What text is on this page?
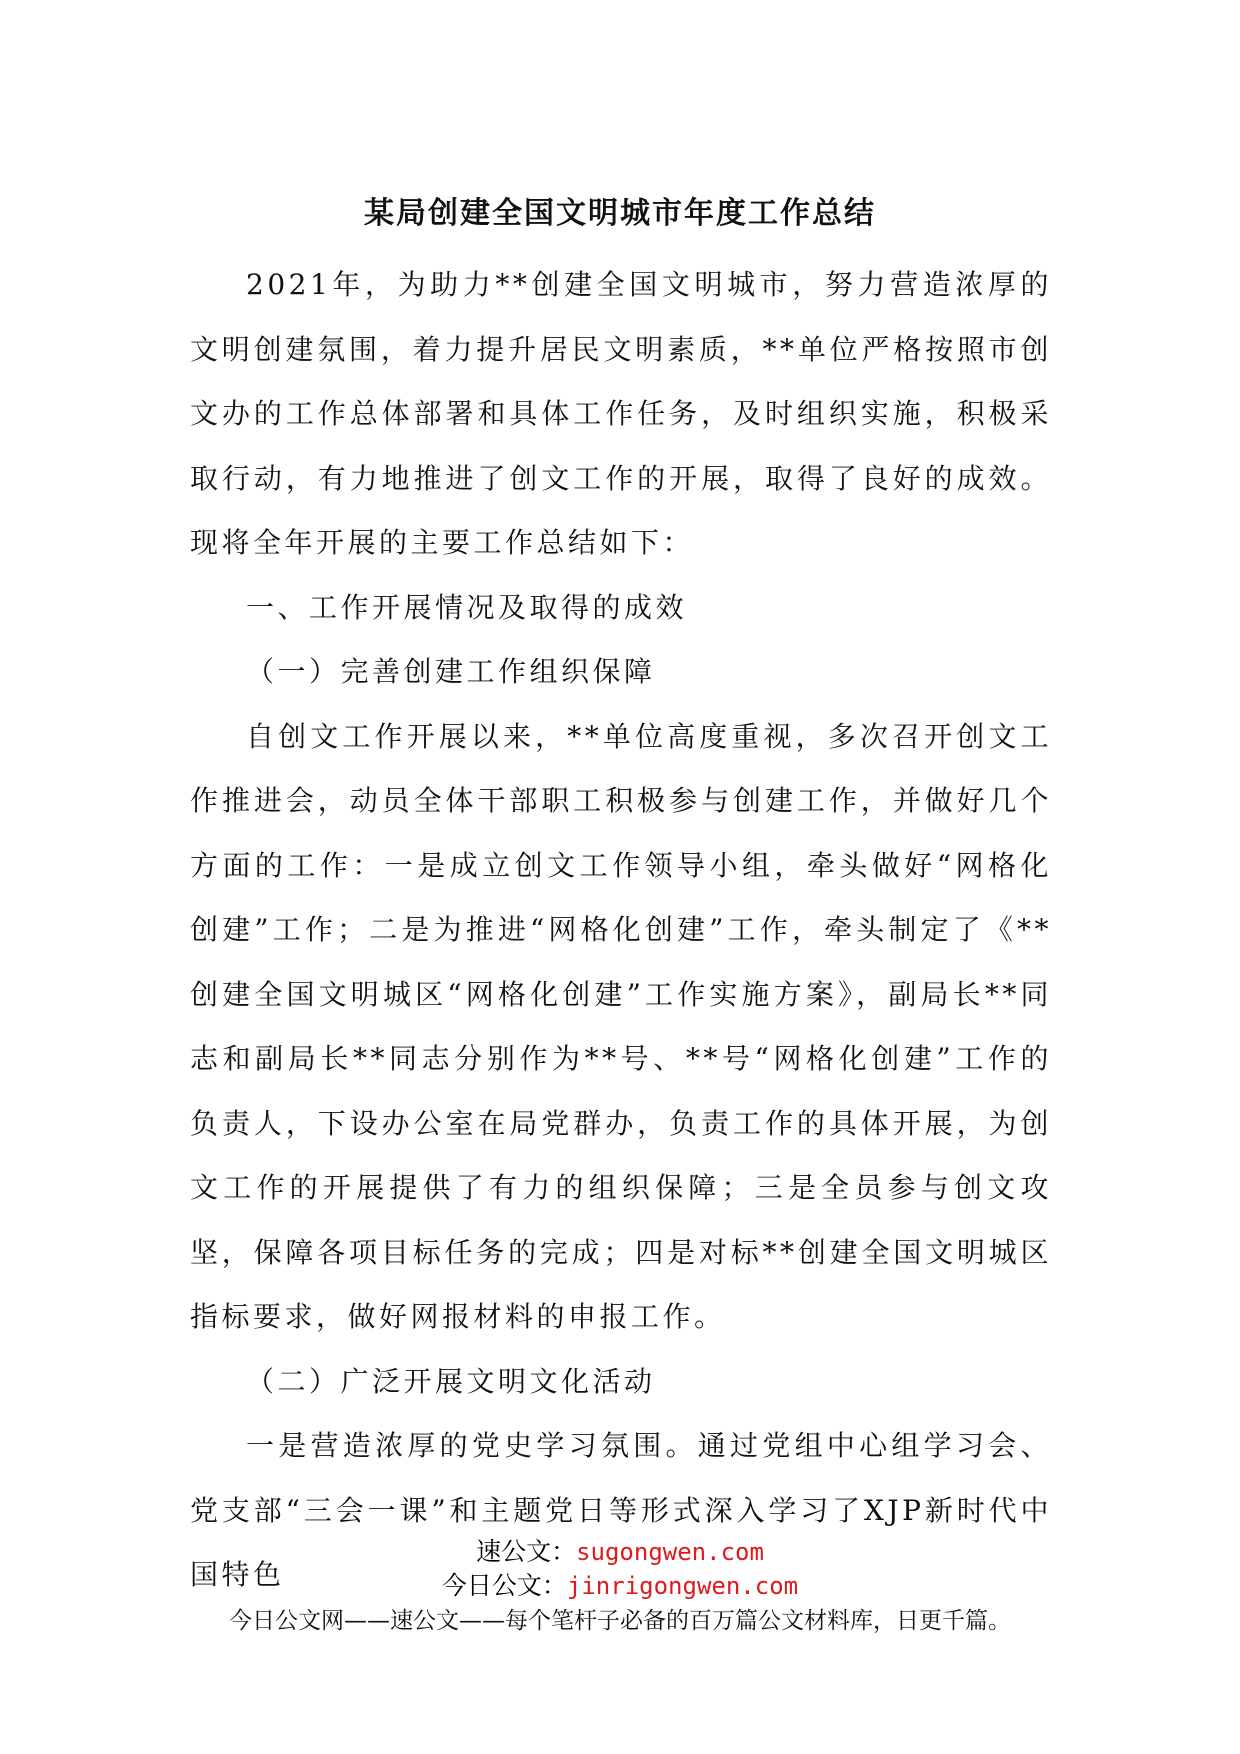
某局创建全国文明城市年度工作总结

2021年，为助力**创建全国文明城市，努力营造浓厚的文明创建氛围，着力提升居民文明素质，**单位严格按照市创文办的工作总体部署和具体工作任务，及时组织实施，积极采取行动，有力地推进了创文工作的开展，取得了良好的成效。现将全年开展的主要工作总结如下：

一、工作开展情况及取得的成效

（一）完善创建工作组织保障

自创文工作开展以来，**单位高度重视，多次召开创文工作推进会，动员全体干部职工积极参与创建工作，并做好几个方面的工作：一是成立创文工作领导小组，牵头做好“网格化创建”工作；二是为推进“网格化创建”工作，牵头制定了《**创建全国文明城区“网格化创建”工作实施方案》，副局长**同志和副局长**同志分别作为**号、**号“网格化创建”工作的负责人，下设办公室在局党群办，负责工作的具体开展，为创文工作的开展提供了有力的组织保障；三是全员参与创文攻坚，保障各项目标任务的完成；四是对标**创建全国文明城区指标要求，做好网报材料的申报工作。

（二）广泛开展文明文化活动

一是营造浓厚的党史学习氛围。通过党组中心组学习会、党支部“三会一课”和主题党日等形式深入学习了XJP新时代中国特色

速公文：sugongwen.com
今日公文：jinrigongwen.com
今日公文网——速公文——每个笔杆子必备的百万篇公文材料库，日更千篇。
